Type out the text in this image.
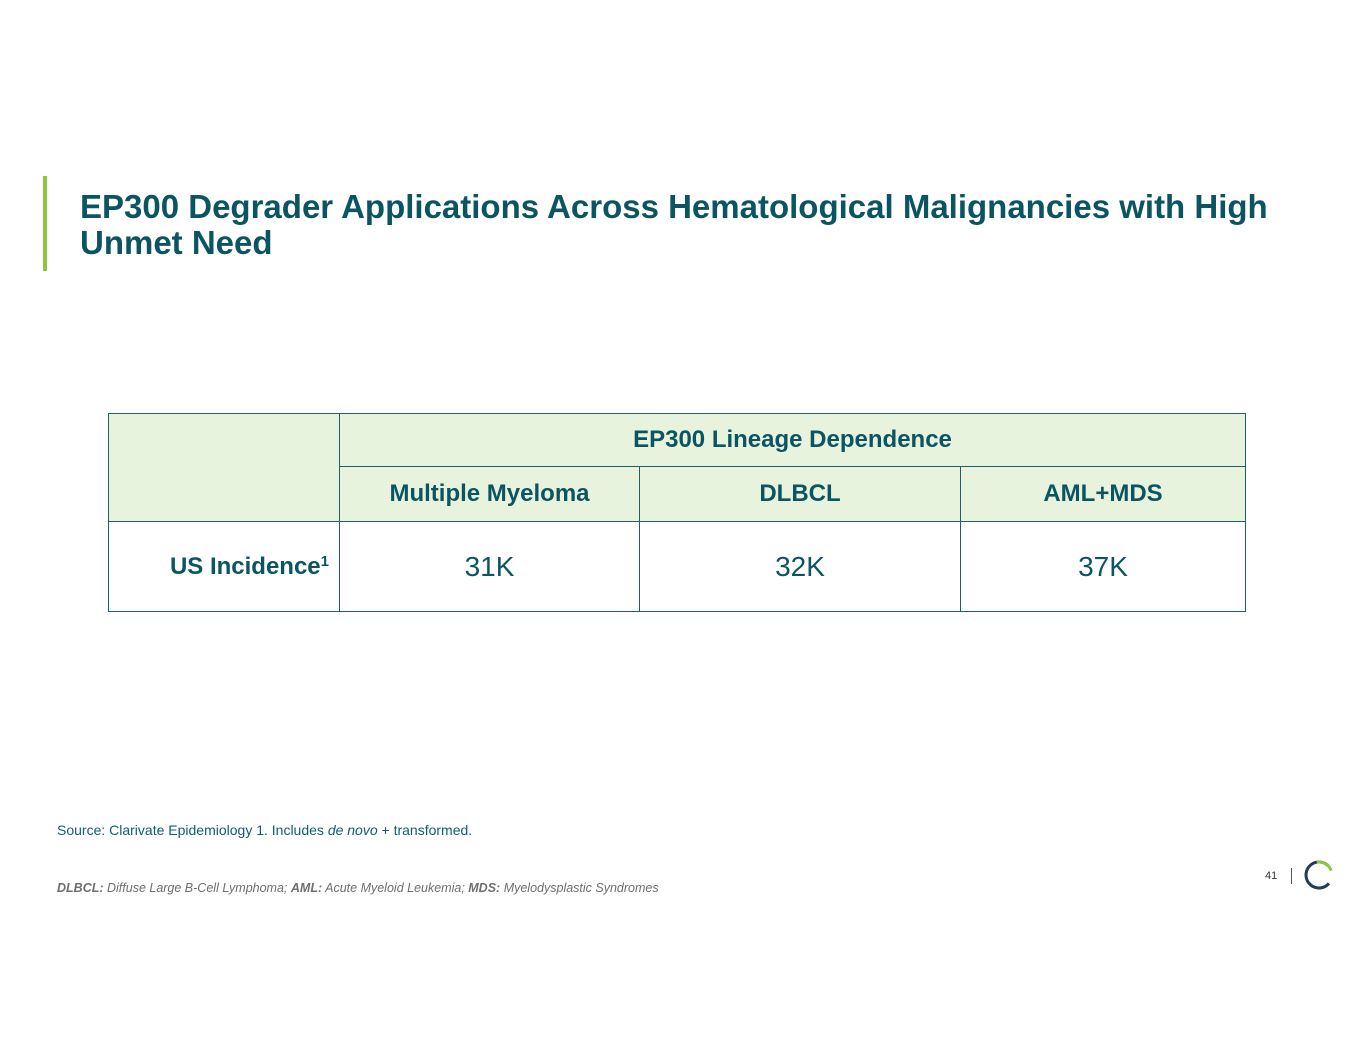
EP300 Degrader Applications Across Hematological Malignancies with High Unmet Need
	EP300 Lineage Dependence		
	Multiple Myeloma	DLBCL	AML+MDS
US Incidence$^1$	31K	32K	37K
Source: Clarivate Epidemiology 1. Includes de novo + transformed.
DLBCL: Diffuse Large B-Cell Lymphoma; AML: Acute Myeloid Leukemia; MDS: Myelodysplastic Syndromes
41
